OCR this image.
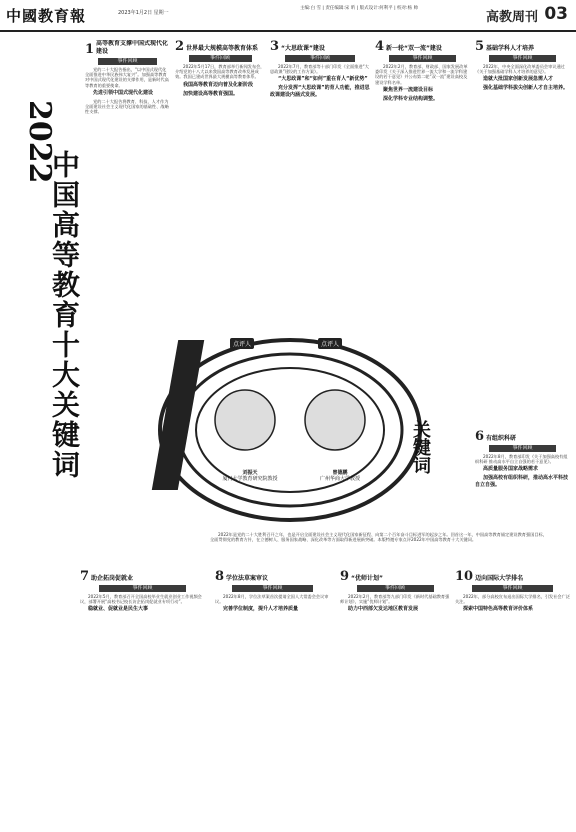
中國教育報	2023年1月2日 星期一
主编:白 雪 | 责任编辑:宋 昕 | 版式设计:何利平 | 校对:杨 帅
高教周刊 03
2022
中国高等教育十大关键词
1 高等教育支撑中国式现代化建设
事件回顾

党的二十大报告指出，“以中国式现代化全面推进中华民族伟大复兴”。加强高等教育对中国式现代化建设的支撑作用，是新时代高等教育的重要使命。

先进引领中国式现代化建设

党的二十大报告将教育、科技、人才作为全面建设社会主义现代化国家的基础性、战略性支撑。

2 世界最大规模高等教育体系
事件回顾

2022年5月17日，教育部举行新闻发布会，介绍党的十八大以来我国高等教育改革发展成效。我国已建成世界最大规模高等教育体系。

我国高等教育迈向普及化新阶段

加快建设高等教育强国。

3 “大思政课”建设
事件回顾

2022年7月，教育部等十部门印发《全面推进“大思政课”建设的工作方案》。

“大思政课”和“如何”重在育人“新优势”

充分发挥“大思政课”的育人功能，推进思政课建设内涵式发展。

4 新一轮“双一流”建设
事件回顾

2022年2月，教育部、财政部、国家发展改革委印发《关于深入推进世界一流大学和一流学科建设的若干意见》并公布第二轮“双一流”建设高校及建设学科名单。

聚焦世界一流建设目标

深化学科专业结构调整。

5 基础学科人才培养
事件回顾

2022年，中央全面深化改革委员会审议通过《关于加强基础学科人才培养的意见》。

造就大批国家创新发展急需人才

强化基础学科拔尖创新人才自主培养。

6 有组织科研
事件回顾

2022年8月，教育部印发《关于加强高校有组织科研 推动高水平自立自强的若干意见》。

高质量服务国家战略需求

加强高校有组织科研，推动高水平科技自立自强。

7 助企拓岗促就业
事件回顾

2022年5月，教育部召开全国高校毕业生就业创业工作视频会议，部署开展“高校书记校长访企拓岗促就业专项行动”。

稳就业、促就业是民生大事

8 学位法草案审议
事件回顾

2022年8月，学位法草案首次提请全国人大常委会会议审议。

完善学位制度，提升人才培养质量

9 “优师计划”
事件回顾

2022年2月，教育部等九部门印发《新时代基础教育强师计划》，实施“优师计划”。

助力中西部欠发达地区教育发展

10 迈向国际大学排名
事件回顾

2022年，部分高校宣布退出国际大学排名，引发社会广泛关注。

探索中国特色高等教育评价体系

点评人	点评人
刘振天
厦门大学教育研究院教授
曾德鹏
广州华商大学教授
关键词
2022年是党的二十大胜利召开之年，也是开启全面建设社会主义现代化国家新征程、向第二个百年奋斗目标进军的起步之年。回首这一年，中国高等教育锚定建设教育强国目标，全面贯彻党的教育方针，在立德树人、服务国家战略、深化改革等方面取得新进展新突破。本版特邀专家点评2022年中国高等教育十大关键词。
